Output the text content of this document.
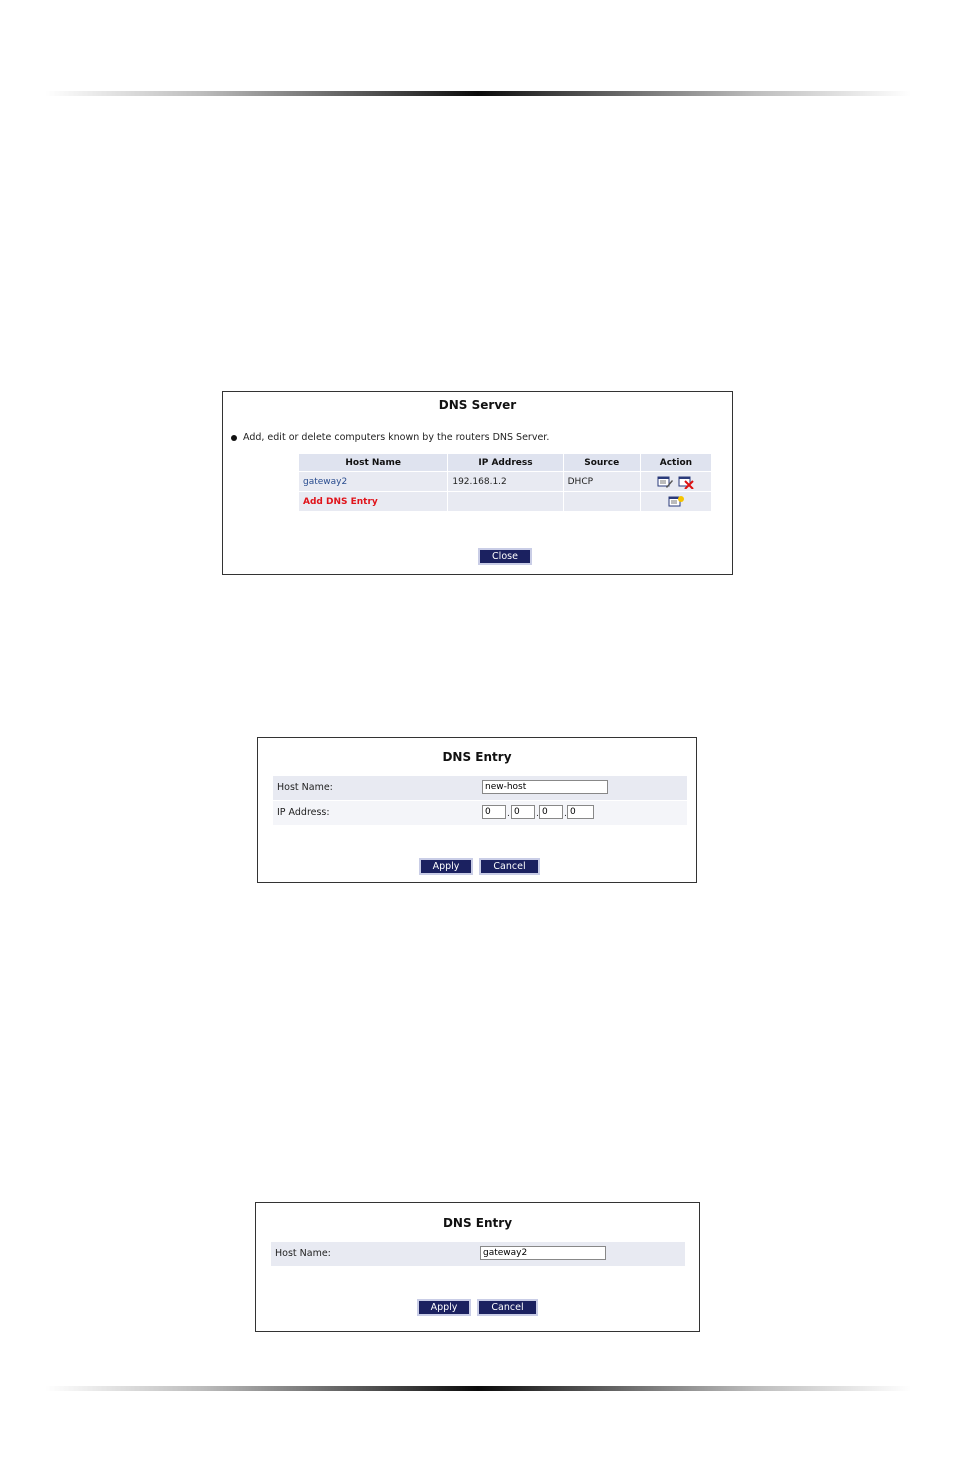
DNS Server
Add, edit or delete computers known by the routers DNS Server.
Host Name	IP Address	Source	Action
gateway2	192.168.1.2	DHCP	
Add DNS Entry			
Close
DNS Entry
Host Name:
new-host
IP Address:
0	.
0	.
0	.
0
Apply	Cancel
DNS Entry
Host Name:
gateway2
Apply	Cancel
